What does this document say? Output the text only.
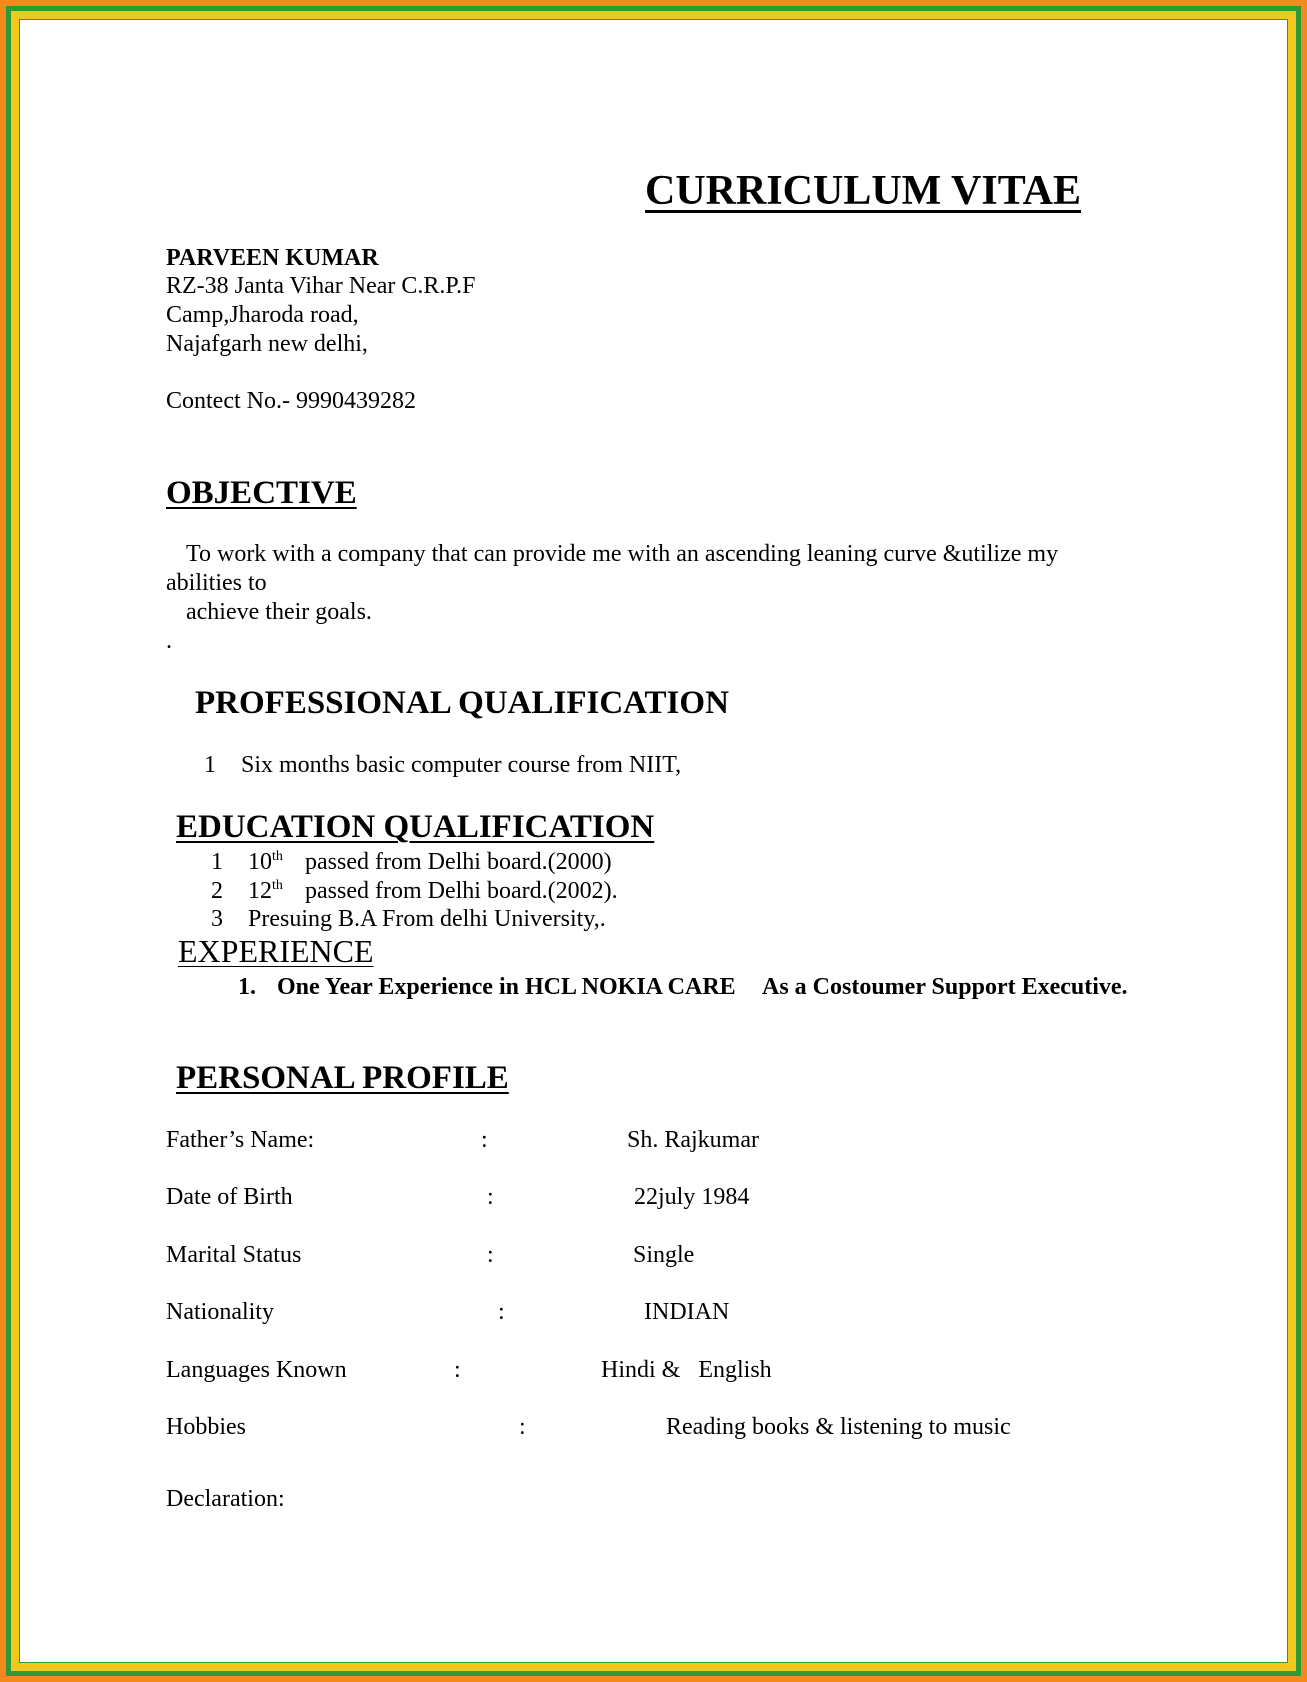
CURRICULUM VITAE
PARVEEN KUMAR
RZ-38 Janta Vihar Near C.R.P.F
Camp,Jharoda road,
Najafgarh new delhi,
Contect No.- 9990439282
OBJECTIVE
To work with a company that can provide me with an ascending leaning curve &utilize my
abilities to
achieve their goals.
.
PROFESSIONAL QUALIFICATION
1 Six months basic computer course from NIIT,
EDUCATION QUALIFICATION
1 10th passed from Delhi board.(2000)
2 12th passed from Delhi board.(2002).
3 Presuing B.A From delhi University,.
EXPERIENCE
1. One Year Experience in HCL NOKIA CARE As a Costoumer Support Executive.
PERSONAL PROFILE
Father’s Name:	:	Sh. Rajkumar
Date of Birth	:	22july 1984
Marital Status	:	Single
Nationality	:	INDIAN
Languages Known	:	Hindi &   English
Hobbies	:	Reading books & listening to music
Declaration:
